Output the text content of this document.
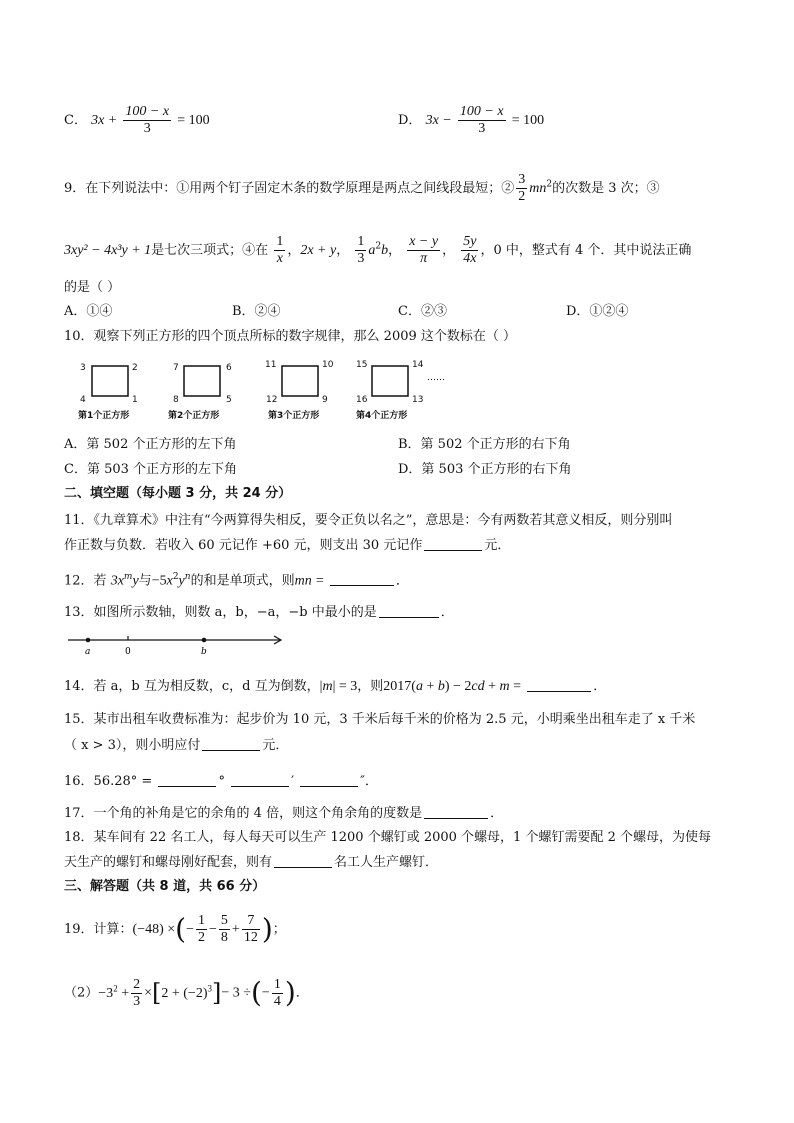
C． $3x + \frac{100 - x}{3} = 100$	D． $3x - \frac{100 - x}{3} = 100$
9．在下列说法中：①用两个钉子固定木条的数学原理是两点之间线段最短；② $\frac{3}{2} mn^2$的次数是 3 次；③
3xy² − 4x³y + 1是七次三项式；④在 $\frac{1}{x}$ ，2x + y， $\frac{1}{3} a^2b$， $\frac{x - y}{\pi}$ ， $\frac{5y}{4x}$ ，0 中，整式有 4 个．其中说法正确
的是（ ）
A．①④	B．②④	C．②③	D．①②④
10．观察下列正方形的四个顶点所标的数字规律，那么 2009 这个数标在（ ）
3	2
4	1
第1个正方形
7	6
8	5
第2个正方形
11	10
12	9
第3个正方形
15	14
16	13
第4个正方形
……
A．第 502 个正方形的左下角	B．第 502 个正方形的右下角
C．第 503 个正方形的左下角	D．第 503 个正方形的右下角
二、填空题（每小题 3 分，共 24 分）
11．《九章算术》中注有“今两算得失相反，要令正负以名之”，意思是：今有两数若其意义相反，则分别叫
作正数与负数．若收入 60 元记作 +60 元，则支出 30 元记作	元．
12．若 $3x^my$与$-5x^2y^n$的和是单项式，则mn =	．
13．如图所示数轴，则数 a，b，−a，−b 中最小的是	．
a	0	b
14．若 a，b 互为相反数，c，d 互为倒数，|m| = 3，则2017(a + b) − 2cd + m =	．
15．某市出租车收费标准为：起步价为 10 元，3 千米后每千米的价格为 2.5 元，小明乘坐出租车走了 x 千米
（ x > 3），则小明应付	元．
16．56.28° =	°	′	″．
17．一个角的补角是它的余角的 4 倍，则这个角余角的度数是	．
18．某车间有 22 名工人，每人每天可以生产 1200 个螺钉或 2000 个螺母，1 个螺钉需要配 2 个螺母，为使每
天生产的螺钉和螺母刚好配套，则有	名工人生产螺钉．
三、解答题（共 8 道，共 66 分）
19．计算：(−48) ×(− $\frac{1}{2} - \frac{5}{8} + \frac{7}{12}$ )；
$(2)-3^2 + \frac{2}{3} \times[2 + (-2)^3]- 3$ ÷(− $\frac{1}{4}$ )．
